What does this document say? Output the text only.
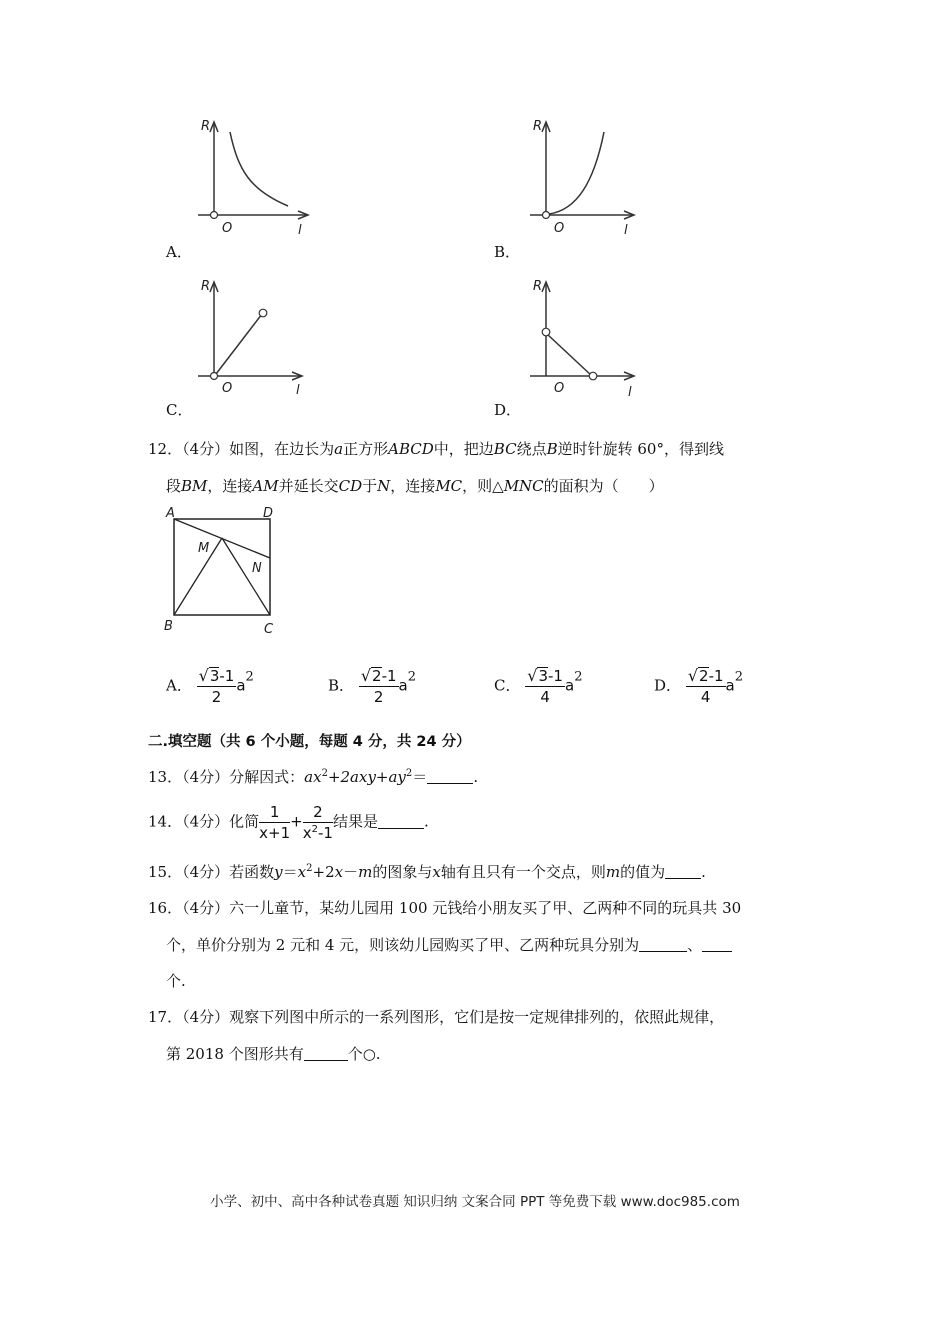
R
O	l
A．
R
O	l
B．
R
O	l
C．
R
O	l
D．
12．（4分）如图，在边长为a正方形ABCD中，把边BC绕点B逆时针旋转 60°，得到线
段BM，连接AM并延长交CD于N，连接MC，则△MNC的面积为（　　）
A	D
M
N
B	C
A． $\frac{√3-1}{2} a^2$	B． $\frac{√2-1}{2} a^2$	C． $\frac{√3-1}{4} a^2$	D． $\frac{√2-1}{4} a^2$
二.填空题（共 6 个小题，每题 4 分，共 24 分）
13．（4分）分解因式：$ax^2+2axy+ay^2=$	.
14．（4分）化简 $\frac{1}{x+1} + \frac{2}{x^2-1}$ 结果是	.
15．（4分）若函数$y=x^2+2x-m$的图象与x轴有且只有一个交点，则m的值为 .
16．（4分）六一儿童节，某幼儿园用 100 元钱给小朋友买了甲、乙两种不同的玩具共 30
个，单价分别为 2 元和 4 元，则该幼儿园购买了甲、乙两种玩具分别为	、
个.
17．（4分）观察下列图中所示的一系列图形，它们是按一定规律排列的，依照此规律，
第 2018 个图形共有	个○.
小学、初中、高中各种试卷真题 知识归纳 文案合同 PPT 等免费下载 www.doc985.com
